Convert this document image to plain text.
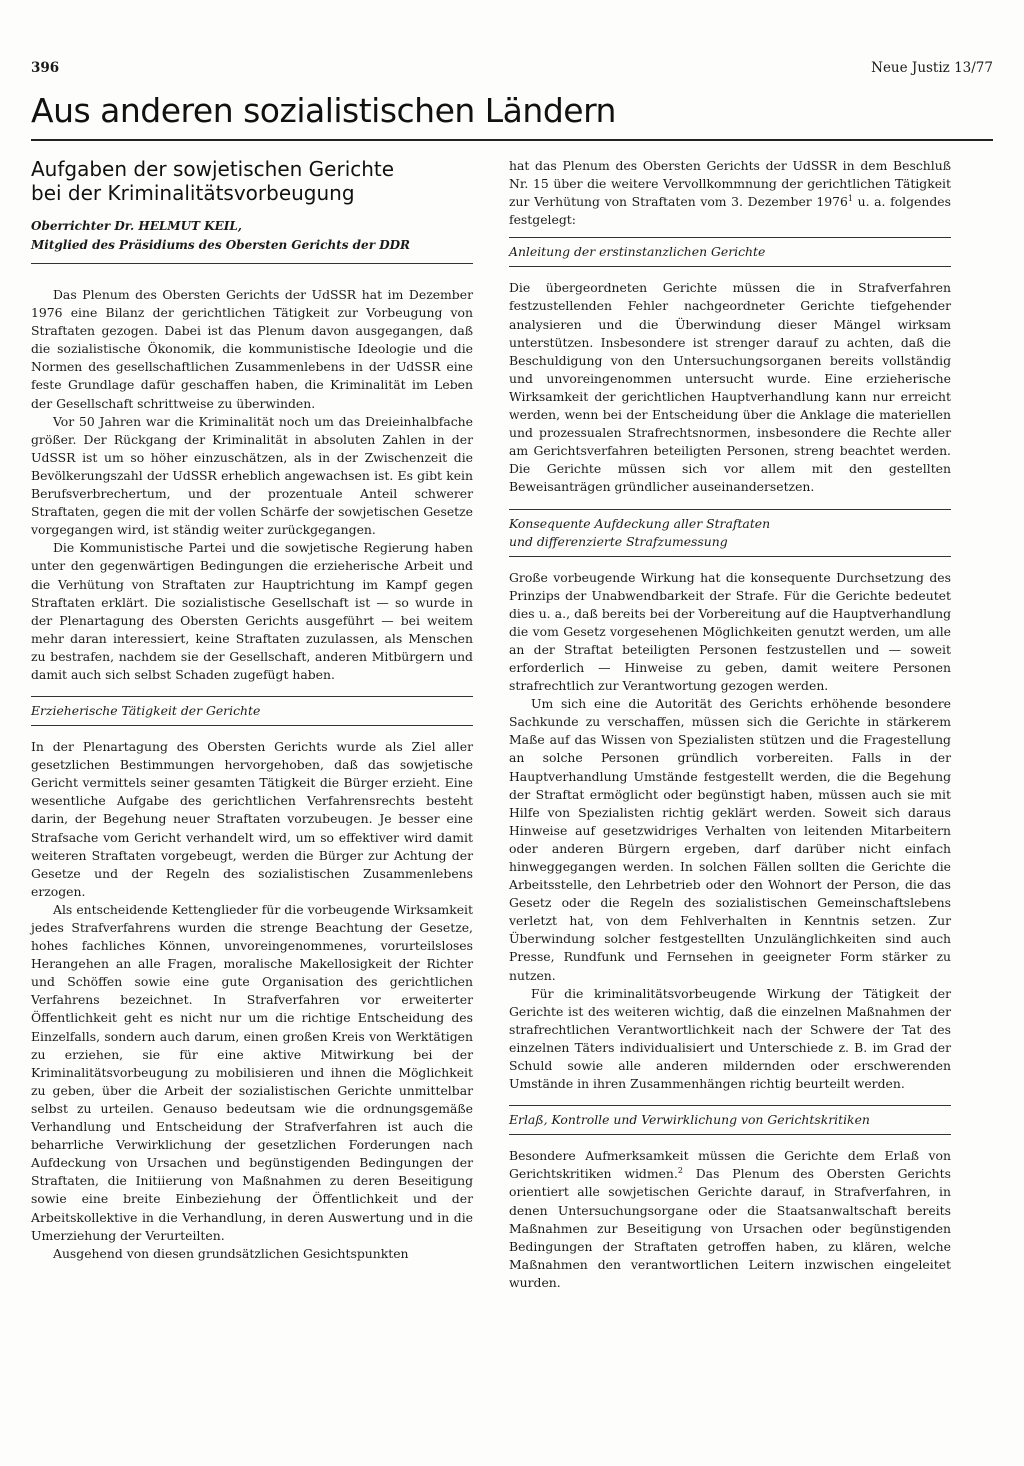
396	Neue Justiz 13/77
Aus anderen sozialistischen Ländern
Aufgaben der sowjetischen Gerichte
bei der Kriminalitätsvorbeugung

Oberrichter Dr. HELMUT KEIL,

Mitglied des Präsidiums des Obersten Gerichts der DDR

Das Plenum des Obersten Gerichts der UdSSR hat im Dezember 1976 eine Bilanz der gerichtlichen Tätigkeit zur Vorbeugung von Straftaten gezogen. Dabei ist das Plenum davon ausgegangen, daß die sozialistische Ökonomik, die kommunistische Ideologie und die Normen des gesellschaftlichen Zusammenlebens in der UdSSR eine feste Grundlage dafür geschaffen haben, die Kriminalität im Leben der Gesellschaft schrittweise zu überwinden.

Vor 50 Jahren war die Kriminalität noch um das Dreieinhalbfache größer. Der Rückgang der Kriminalität in absoluten Zahlen in der UdSSR ist um so höher einzuschätzen, als in der Zwischenzeit die Bevölkerungszahl der UdSSR erheblich angewachsen ist. Es gibt kein Berufsverbrechertum, und der prozentuale Anteil schwerer Straftaten, gegen die mit der vollen Schärfe der sowjetischen Gesetze vorgegangen wird, ist ständig weiter zurückgegangen.

Die Kommunistische Partei und die sowjetische Regierung haben unter den gegenwärtigen Bedingungen die erzieherische Arbeit und die Verhütung von Straftaten zur Hauptrichtung im Kampf gegen Straftaten erklärt. Die sozialistische Gesellschaft ist — so wurde in der Plenartagung des Obersten Gerichts ausgeführt — bei weitem mehr daran interessiert, keine Straftaten zuzulassen, als Menschen zu bestrafen, nachdem sie der Gesellschaft, anderen Mitbürgern und damit auch sich selbst Schaden zugefügt haben.

Erzieherische Tätigkeit der Gerichte

In der Plenartagung des Obersten Gerichts wurde als Ziel aller gesetzlichen Bestimmungen hervorgehoben, daß das sowjetische Gericht vermittels seiner gesamten Tätigkeit die Bürger erzieht. Eine wesentliche Aufgabe des gerichtlichen Verfahrensrechts besteht darin, der Begehung neuer Straftaten vorzubeugen. Je besser eine Strafsache vom Gericht verhandelt wird, um so effektiver wird damit weiteren Straftaten vorgebeugt, werden die Bürger zur Achtung der Gesetze und der Regeln des sozialistischen Zusammenlebens erzogen.

Als entscheidende Kettenglieder für die vorbeugende Wirksamkeit jedes Strafverfahrens wurden die strenge Beachtung der Gesetze, hohes fachliches Können, unvoreingenommenes, vorurteilsloses Herangehen an alle Fragen, moralische Makellosigkeit der Richter und Schöffen sowie eine gute Organisation des gerichtlichen Verfahrens bezeichnet. In Strafverfahren vor erweiterter Öffentlichkeit geht es nicht nur um die richtige Entscheidung des Einzelfalls, sondern auch darum, einen großen Kreis von Werktätigen zu erziehen, sie für eine aktive Mitwirkung bei der Kriminalitätsvorbeugung zu mobilisieren und ihnen die Möglichkeit zu geben, über die Arbeit der sozialistischen Gerichte unmittelbar selbst zu urteilen. Genauso bedeutsam wie die ordnungsgemäße Verhandlung und Entscheidung der Strafverfahren ist auch die beharrliche Verwirklichung der gesetzlichen Forderungen nach Aufdeckung von Ursachen und begünstigenden Bedingungen der Straftaten, die Initiierung von Maßnahmen zu deren Beseitigung sowie eine breite Einbeziehung der Öffentlichkeit und der Arbeitskollektive in die Verhandlung, in deren Auswertung und in die Umerziehung der Verurteilten.

Ausgehend von diesen grundsätzlichen Gesichtspunkten

hat das Plenum des Obersten Gerichts der UdSSR in dem Beschluß Nr. 15 über die weitere Vervollkommnung der gerichtlichen Tätigkeit zur Verhütung von Straftaten vom 3. Dezember 1976$^1$ u. a. folgendes festgelegt:

Anleitung der erstinstanzlichen Gerichte

Die übergeordneten Gerichte müssen die in Strafverfahren festzustellenden Fehler nachgeordneter Gerichte tiefgehender analysieren und die Überwindung dieser Mängel wirksam unterstützen. Insbesondere ist strenger darauf zu achten, daß die Beschuldigung von den Untersuchungsorganen bereits vollständig und unvoreingenommen untersucht wurde. Eine erzieherische Wirksamkeit der gerichtlichen Hauptverhandlung kann nur erreicht werden, wenn bei der Entscheidung über die Anklage die materiellen und prozessualen Strafrechtsnormen, insbesondere die Rechte aller am Gerichtsverfahren beteiligten Personen, streng beachtet werden. Die Gerichte müssen sich vor allem mit den gestellten Beweisanträgen gründlicher auseinandersetzen.

Konsequente Aufdeckung aller Straftaten
und differenzierte Strafzumessung

Große vorbeugende Wirkung hat die konsequente Durchsetzung des Prinzips der Unabwendbarkeit der Strafe. Für die Gerichte bedeutet dies u. a., daß bereits bei der Vorbereitung auf die Hauptverhandlung die vom Gesetz vorgesehenen Möglichkeiten genutzt werden, um alle an der Straftat beteiligten Personen festzustellen und — soweit erforderlich — Hinweise zu geben, damit weitere Personen strafrechtlich zur Verantwortung gezogen werden.

Um sich eine die Autorität des Gerichts erhöhende besondere Sachkunde zu verschaffen, müssen sich die Gerichte in stärkerem Maße auf das Wissen von Spezialisten stützen und die Fragestellung an solche Personen gründlich vorbereiten. Falls in der Hauptverhandlung Umstände festgestellt werden, die die Begehung der Straftat ermöglicht oder begünstigt haben, müssen auch sie mit Hilfe von Spezialisten richtig geklärt werden. Soweit sich daraus Hinweise auf gesetzwidriges Verhalten von leitenden Mitarbeitern oder anderen Bürgern ergeben, darf darüber nicht einfach hinweggegangen werden. In solchen Fällen sollten die Gerichte die Arbeitsstelle, den Lehrbetrieb oder den Wohnort der Person, die das Gesetz oder die Regeln des sozialistischen Gemeinschaftslebens verletzt hat, von dem Fehlverhalten in Kenntnis setzen. Zur Überwindung solcher festgestellten Unzulänglichkeiten sind auch Presse, Rundfunk und Fernsehen in geeigneter Form stärker zu nutzen.

Für die kriminalitätsvorbeugende Wirkung der Tätigkeit der Gerichte ist des weiteren wichtig, daß die einzelnen Maßnahmen der strafrechtlichen Verantwortlichkeit nach der Schwere der Tat des einzelnen Täters individualisiert und Unterschiede z. B. im Grad der Schuld sowie alle anderen mildernden oder erschwerenden Umstände in ihren Zusammenhängen richtig beurteilt werden.

Erlaß, Kontrolle und Verwirklichung von Gerichtskritiken

Besondere Aufmerksamkeit müssen die Gerichte dem Erlaß von Gerichtskritiken widmen.$^2$ Das Plenum des Obersten Gerichts orientiert alle sowjetischen Gerichte darauf, in Strafverfahren, in denen Untersuchungsorgane oder die Staatsanwaltschaft bereits Maßnahmen zur Beseitigung von Ursachen oder begünstigenden Bedingungen der Straftaten getroffen haben, zu klären, welche Maßnahmen den verantwortlichen Leitern inzwischen eingeleitet wurden.
